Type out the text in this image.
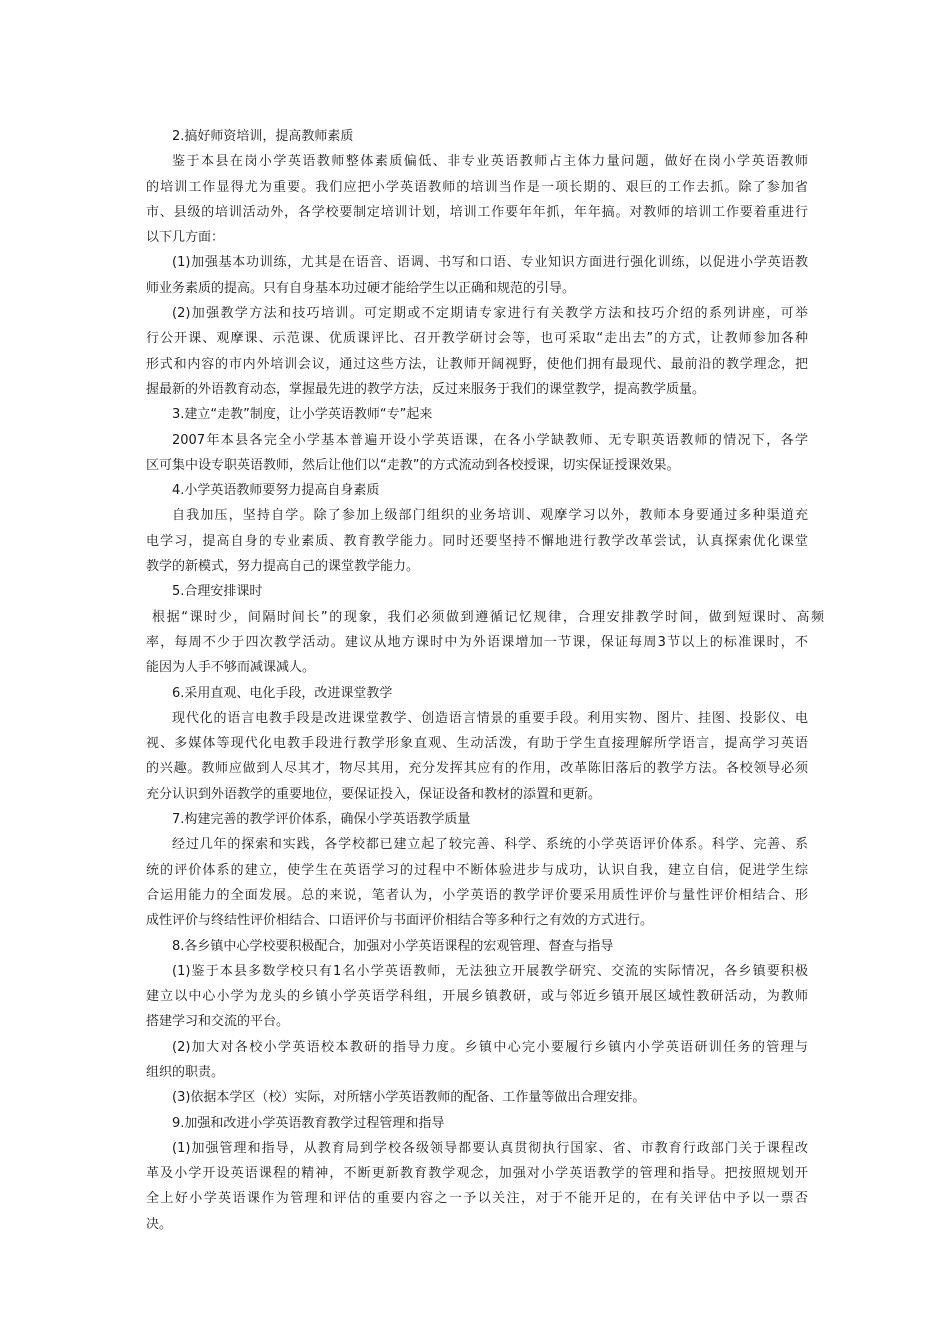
2.搞好师资培训，提高教师素质
鉴于本县在岗小学英语教师整体素质偏低、非专业英语教师占主体力量问题，做好在岗小学英语教师
的培训工作显得尤为重要。我们应把小学英语教师的培训当作是一项长期的、艰巨的工作去抓。除了参加省
市、县级的培训活动外，各学校要制定培训计划，培训工作要年年抓，年年搞。对教师的培训工作要着重进行
以下几方面：
(1)加强基本功训练，尤其是在语音、语调、书写和口语、专业知识方面进行强化训练，以促进小学英语教
师业务素质的提高。只有自身基本功过硬才能给学生以正确和规范的引导。
(2)加强教学方法和技巧培训。可定期或不定期请专家进行有关教学方法和技巧介绍的系列讲座，可举
行公开课、观摩课、示范课、优质课评比、召开教学研讨会等，也可采取“走出去”的方式，让教师参加各种
形式和内容的市内外培训会议，通过这些方法，让教师开阔视野，使他们拥有最现代、最前沿的教学理念，把
握最新的外语教育动态，掌握最先进的教学方法，反过来服务于我们的课堂教学，提高教学质量。
3.建立“走教”制度，让小学英语教师“专”起来
2007年本县各完全小学基本普遍开设小学英语课，在各小学缺教师、无专职英语教师的情况下，各学
区可集中设专职英语教师，然后让他们以“走教”的方式流动到各校授课，切实保证授课效果。
4.小学英语教师要努力提高自身素质
自我加压，坚持自学。除了参加上级部门组织的业务培训、观摩学习以外，教师本身要通过多种渠道充
电学习，提高自身的专业素质、教育教学能力。同时还要坚持不懈地进行教学改革尝试，认真探索优化课堂
教学的新模式，努力提高自己的课堂教学能力。
5.合理安排课时
根据“课时少，间隔时间长”的现象，我们必须做到遵循记忆规律，合理安排教学时间，做到短课时、高频
率，每周不少于四次教学活动。建议从地方课时中为外语课增加一节课，保证每周3节以上的标准课时，不
能因为人手不够而减课减人。
6.采用直观、电化手段，改进课堂教学
现代化的语言电教手段是改进课堂教学、创造语言情景的重要手段。利用实物、图片、挂图、投影仪、电
视、多媒体等现代化电教手段进行教学形象直观、生动活泼，有助于学生直接理解所学语言，提高学习英语
的兴趣。教师应做到人尽其才，物尽其用，充分发挥其应有的作用，改革陈旧落后的教学方法。各校领导必须
充分认识到外语教学的重要地位，要保证投入，保证设备和教材的添置和更新。
7.构建完善的教学评价体系，确保小学英语教学质量
经过几年的探索和实践，各学校都已建立起了较完善、科学、系统的小学英语评价体系。科学、完善、系
统的评价体系的建立，使学生在英语学习的过程中不断体验进步与成功，认识自我，建立自信，促进学生综
合运用能力的全面发展。总的来说，笔者认为，小学英语的教学评价要采用质性评价与量性评价相结合、形
成性评价与终结性评价相结合、口语评价与书面评价相结合等多种行之有效的方式进行。
8.各乡镇中心学校要积极配合，加强对小学英语课程的宏观管理、督查与指导
(1)鉴于本县多数学校只有1名小学英语教师，无法独立开展教学研究、交流的实际情况，各乡镇要积极
建立以中心小学为龙头的乡镇小学英语学科组，开展乡镇教研，或与邻近乡镇开展区域性教研活动，为教师
搭建学习和交流的平台。
(2)加大对各校小学英语校本教研的指导力度。乡镇中心完小要履行乡镇内小学英语研训任务的管理与
组织的职责。
(3)依据本学区（校）实际，对所辖小学英语教师的配备、工作量等做出合理安排。
9.加强和改进小学英语教育教学过程管理和指导
(1)加强管理和指导，从教育局到学校各级领导都要认真贯彻执行国家、省、市教育行政部门关于课程改
革及小学开设英语课程的精神，不断更新教育教学观念，加强对小学英语教学的管理和指导。把按照规划开
全上好小学英语课作为管理和评估的重要内容之一予以关注，对于不能开足的，在有关评估中予以一票否
决。
